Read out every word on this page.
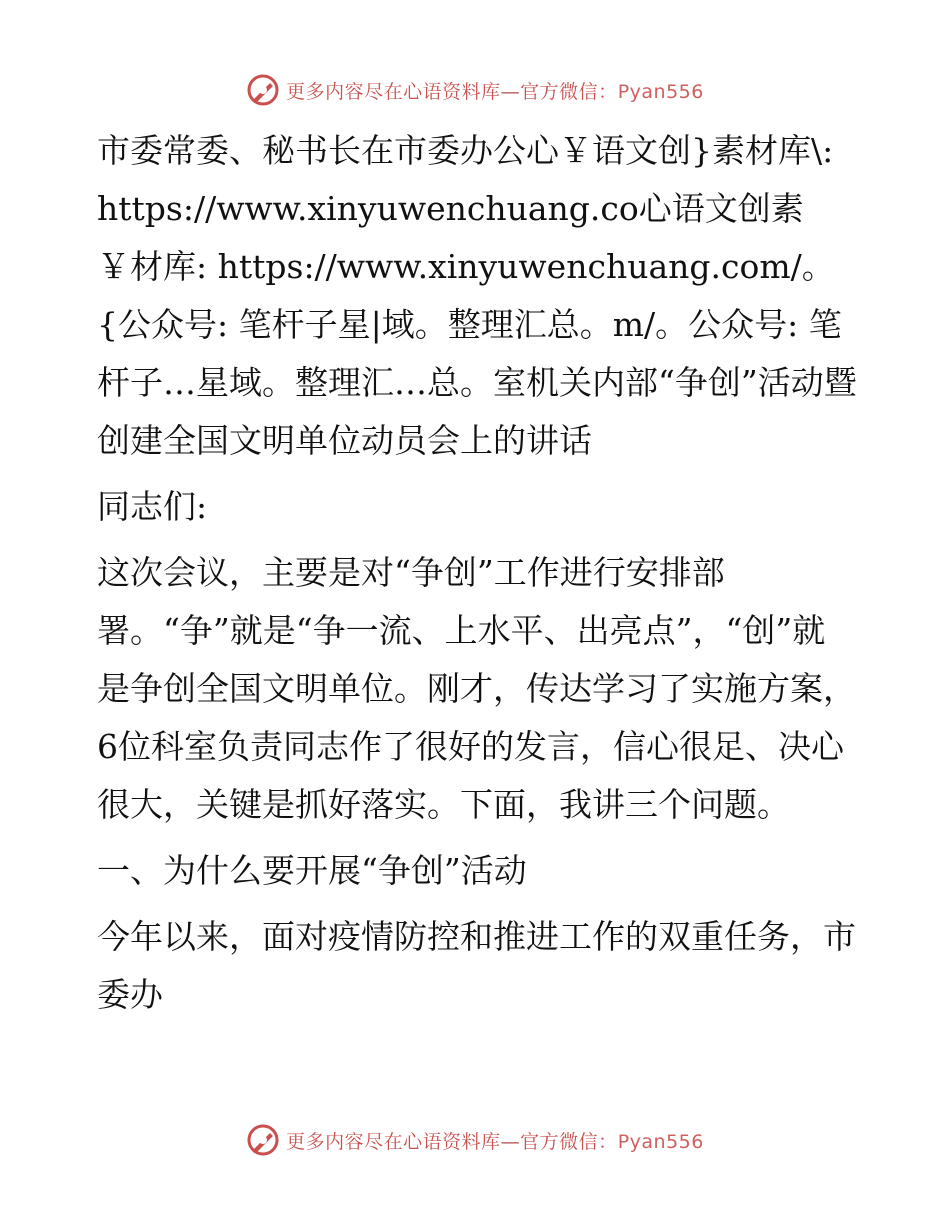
更多内容尽在心语资料库—官方微信：Pyan556

市委常委、秘书长在市委办公心￥语文创}素材库\: https://www.xinyuwenchuang.co心语文创素￥材库: https://www.xinyuwenchuang.com/。{公众号: 笔杆子星|域。整理汇总。m/。公众号: 笔杆子…星域。整理汇…总。室机关内部“争创”活动暨创建全国文明单位动员会上的讲话

同志们:

这次会议，主要是对“争创”工作进行安排部署。“争”就是“争一流、上水平、出亮点”，“创”就是争创全国文明单位。刚才，传达学习了实施方案，6位科室负责同志作了很好的发言，信心很足、决心很大，关键是抓好落实。下面，我讲三个问题。

一、为什么要开展“争创”活动

今年以来，面对疫情防控和推进工作的双重任务，市委办

更多内容尽在心语资料库—官方微信：Pyan556
